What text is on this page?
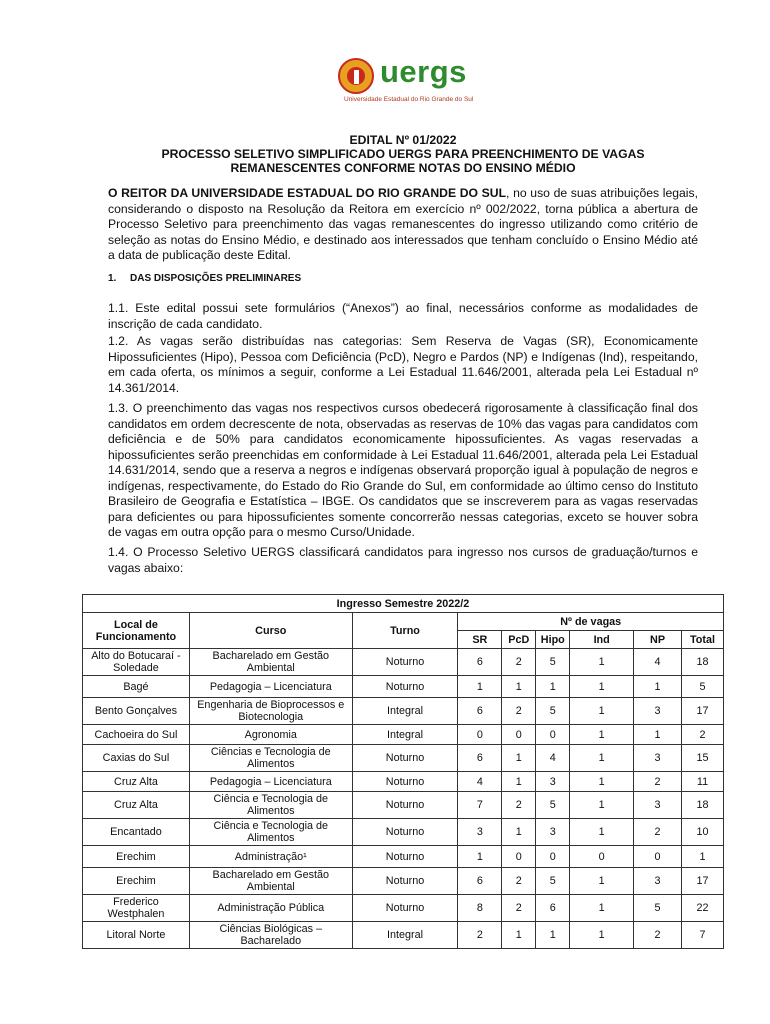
uergs
Universidade Estadual do Rio Grande do Sul
EDITAL Nº 01/2022
PROCESSO SELETIVO SIMPLIFICADO UERGS PARA PREENCHIMENTO DE VAGAS
REMANESCENTES CONFORME NOTAS DO ENSINO MÉDIO

O REITOR DA UNIVERSIDADE ESTADUAL DO RIO GRANDE DO SUL, no uso de suas atribuições legais, considerando o disposto na Resolução da Reitora em exercício nº 002/2022, torna pública a abertura de Processo Seletivo para preenchimento das vagas remanescentes do ingresso utilizando como critério de seleção as notas do Ensino Médio, e destinado aos interessados que tenham concluído o Ensino Médio até a data de publicação deste Edital.

1. DAS DISPOSIÇÕES PRELIMINARES

1.1. Este edital possui sete formulários (“Anexos”) ao final, necessários conforme as modalidades de inscrição de cada candidato.

1.2. As vagas serão distribuídas nas categorias: Sem Reserva de Vagas (SR), Economicamente Hipossuficientes (Hipo), Pessoa com Deficiência (PcD), Negro e Pardos (NP) e Indígenas (Ind), respeitando, em cada oferta, os mínimos a seguir, conforme a Lei Estadual 11.646/2001, alterada pela Lei Estadual nº 14.361/2014.

1.3. O preenchimento das vagas nos respectivos cursos obedecerá rigorosamente à classificação final dos candidatos em ordem decrescente de nota, observadas as reservas de 10% das vagas para candidatos com deficiência e de 50% para candidatos economicamente hipossuficientes. As vagas reservadas a hipossuficientes serão preenchidas em conformidade à Lei Estadual 11.646/2001, alterada pela Lei Estadual 14.631/2014, sendo que a reserva a negros e indígenas observará proporção igual à população de negros e indígenas, respectivamente, do Estado do Rio Grande do Sul, em conformidade ao último censo do Instituto Brasileiro de Geografia e Estatística – IBGE. Os candidatos que se inscreverem para as vagas reservadas para deficientes ou para hipossuficientes somente concorrerão nessas categorias, exceto se houver sobra de vagas em outra opção para o mesmo Curso/Unidade.

1.4. O Processo Seletivo UERGS classificará candidatos para ingresso nos cursos de graduação/turnos e vagas abaixo:

Ingresso Semestre 2022/2								
Local de Funcionamento	Curso	Turno	Nº de vagas					
			SR	PcD	Hipo	Ind	NP	Total
Alto do Botucaraí - Soledade	Bacharelado em Gestão Ambiental	Noturno	6	2	5	1	4	18
Bagé	Pedagogia – Licenciatura	Noturno	1	1	1	1	1	5
Bento Gonçalves	Engenharia de Bioprocessos e Biotecnologia	Integral	6	2	5	1	3	17
Cachoeira do Sul	Agronomia	Integral	0	0	0	1	1	2
Caxias do Sul	Ciências e Tecnologia de Alimentos	Noturno	6	1	4	1	3	15
Cruz Alta	Pedagogia – Licenciatura	Noturno	4	1	3	1	2	11
Cruz Alta	Ciência e Tecnologia de Alimentos	Noturno	7	2	5	1	3	18
Encantado	Ciência e Tecnologia de Alimentos	Noturno	3	1	3	1	2	10
Erechim	Administração¹	Noturno	1	0	0	0	0	1
Erechim	Bacharelado em Gestão Ambiental	Noturno	6	2	5	1	3	17
Frederico Westphalen	Administração Pública	Noturno	8	2	6	1	5	22
Litoral Norte	Ciências Biológicas – Bacharelado	Integral	2	1	1	1	2	7
